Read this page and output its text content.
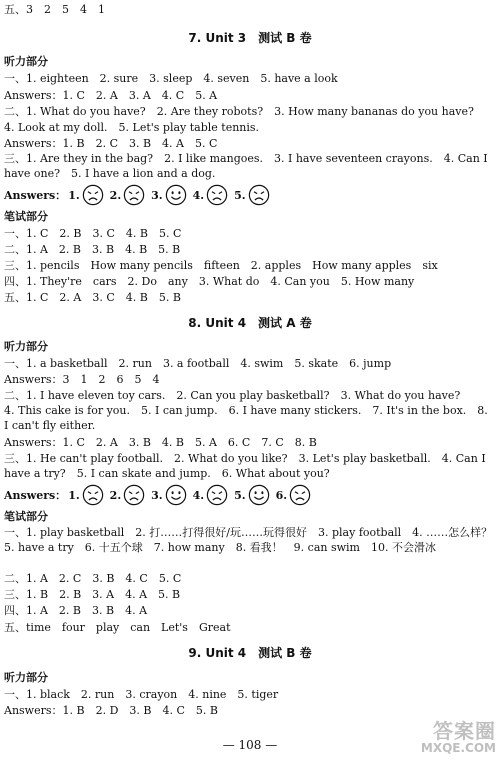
五、3　2　5　4　1
7. Unit 3　测试 B 卷
听力部分
一、1. eighteen　2. sure　3. sleep　4. seven　5. have a look
Answers：1. C　2. A　3. A　4. C　5. A
二、1. What do you have?　2. Are they robots?　3. How many bananas do you have?
4. Look at my doll.　5. Let's play table tennis.
Answers：1. B　2. C　3. B　4. A　5. C
三、1. Are they in the bag?　2. I like mangoes.　3. I have seventeen crayons.　4. Can I have one?　5. I have a lion and a dog.
Answers： 1.	2.	3.	4.	5.
笔试部分
一、1. C　2. B　3. C　4. B　5. C
二、1. A　2. B　3. B　4. B　5. B
三、1. pencils　How many pencils　fifteen　2. apples　How many apples　six
四、1. They're　cars　2. Do　any　3. What do　4. Can you　5. How many
五、1. C　2. A　3. C　4. B　5. B
8. Unit 4　测试 A 卷
听力部分
一、1. a basketball　2. run　3. a football　4. swim　5. skate　6. jump
Answers：3　1　2　6　5　4
二、1. I have eleven toy cars.　2. Can you play basketball?　3. What do you have?
4. This cake is for you.　5. I can jump.　6. I have many stickers.　7. It's in the box.　8. I can't fly either.
Answers：1. C　2. A　3. B　4. B　5. A　6. C　7. C　8. B
三、1. He can't play football.　2. What do you like?　3. Let's play basketball.　4. Can I have a try?　5. I can skate and jump.　6. What about you?
Answers： 1.	2.	3.	4.	5.	6.
笔试部分
一、1. play basketball　2. 打……打得很好/玩……玩得很好　3. play football　4. ……怎么样？　5. have a try　6. 十五个球　7. how many　8. 看我！　9. can swim　10. 不会滑冰
二、1. A　2. C　3. B　4. C　5. C
三、1. B　2. B　3. A　4. A　5. B
四、1. A　2. B　3. B　4. A
五、time　four　play　can　Let's　Great
9. Unit 4　测试 B 卷
听力部分
一、1. black　2. run　3. crayon　4. nine　5. tiger
Answers：1. B　2. D　3. B　4. C　5. B
— 108 —
答案圈
MXQE.COM
